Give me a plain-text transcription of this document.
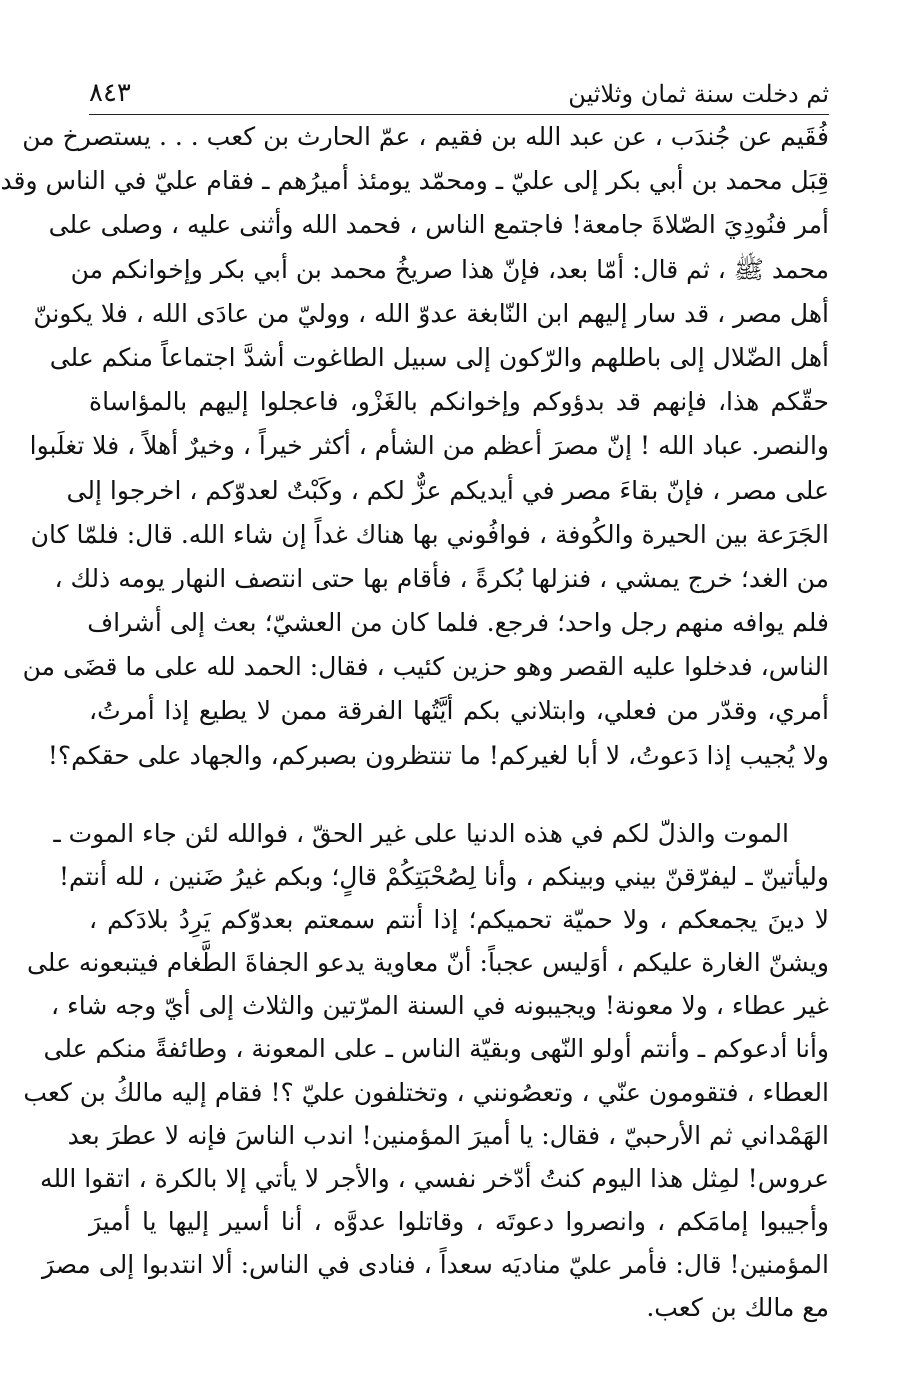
ثم دخلت سنة ثمان وثلاثين
٨٤٣
فُقَيم عن جُندَب ، عن عبد الله بن فقيم ، عمّ الحارث بن كعب . . . يستصرخ من
قِبَل محمد بن أبي بكر إلى عليّ ـ ومحمّد يومئذ أميرُهم ـ فقام عليّ في الناس وقد
أمر فنُودِيَ الصّلاةَ جامعة! فاجتمع الناس ، فحمد الله وأثنى عليه ، وصلى على
محمد ﷺ ، ثم قال: أمّا بعد، فإنّ هذا صريخُ محمد بن أبي بكر وإخوانكم من
أهل مصر ، قد سار إليهم ابن النّابغة عدوّ الله ، ووليّ من عادَى الله ، فلا يكوننّ
أهل الضّلال إلى باطلهم والرّكون إلى سبيل الطاغوت أشدَّ اجتماعاً منكم على
حقّكم هذا، فإنهم قد بدؤوكم وإخوانكم بالغَزْو، فاعجلوا إليهم بالمؤاساة
والنصر. عباد الله ! إنّ مصرَ أعظم من الشأم ، أكثر خيراً ، وخيرٌ أهلاً ، فلا تغلَبوا
على مصر ، فإنّ بقاءَ مصر في أيديكم عزٌّ لكم ، وكَبْتٌ لعدوّكم ، اخرجوا إلى
الجَرَعة بين الحيرة والكُوفة ، فوافُوني بها هناك غداً إن شاء الله. قال: فلمّا كان
من الغد؛ خرج يمشي ، فنزلها بُكرةً ، فأقام بها حتى انتصف النهار يومه ذلك ،
فلم يوافه منهم رجل واحد؛ فرجع. فلما كان من العشيّ؛ بعث إلى أشراف
الناس، فدخلوا عليه القصر وهو حزين كئيب ، فقال: الحمد لله على ما قضَى من
أمري، وقدّر من فعلي، وابتلاني بكم أيَّتُها الفرقة ممن لا يطيع إذا أمرتُ،
ولا يُجيب إذا دَعوتُ، لا أبا لغيركم! ما تنتظرون بصبركم، والجهاد على حقكم؟!
الموت والذلّ لكم في هذه الدنيا على غير الحقّ ، فوالله لئن جاء الموت ـ
وليأتينّ ـ ليفرّقنّ بيني وبينكم ، وأنا لِصُحْبَتِكُمْ قالٍ؛ وبكم غيرُ ضَنين ، لله أنتم!
لا دينَ يجمعكم ، ولا حميّة تحميكم؛ إذا أنتم سمعتم بعدوّكم يَرِدُ بلادَكم ،
ويشنّ الغارة عليكم ، أوَليس عجباً: أنّ معاوية يدعو الجفاةَ الطَّغام فيتبعونه على
غير عطاء ، ولا معونة! ويجيبونه في السنة المرّتين والثلاث إلى أيّ وجه شاء ،
وأنا أدعوكم ـ وأنتم أولو النّهى وبقيّة الناس ـ على المعونة ، وطائفةً منكم على
العطاء ، فتقومون عنّي ، وتعصُونني ، وتختلفون عليّ ؟! فقام إليه مالكُ بن كعب
الهَمْداني ثم الأرحبيّ ، فقال: يا أميرَ المؤمنين! اندب الناسَ فإنه لا عطرَ بعد
عروس! لمِثل هذا اليوم كنتُ أدّخر نفسي ، والأجر لا يأتي إلا بالكرة ، اتقوا الله
وأجيبوا إمامَكم ، وانصروا دعوتَه ، وقاتلوا عدوَّه ، أنا أسير إليها يا أميرَ
المؤمنين! قال: فأمر عليّ مناديَه سعداً ، فنادى في الناس: ألا انتدبوا إلى مصرَ
مع مالك بن كعب.
